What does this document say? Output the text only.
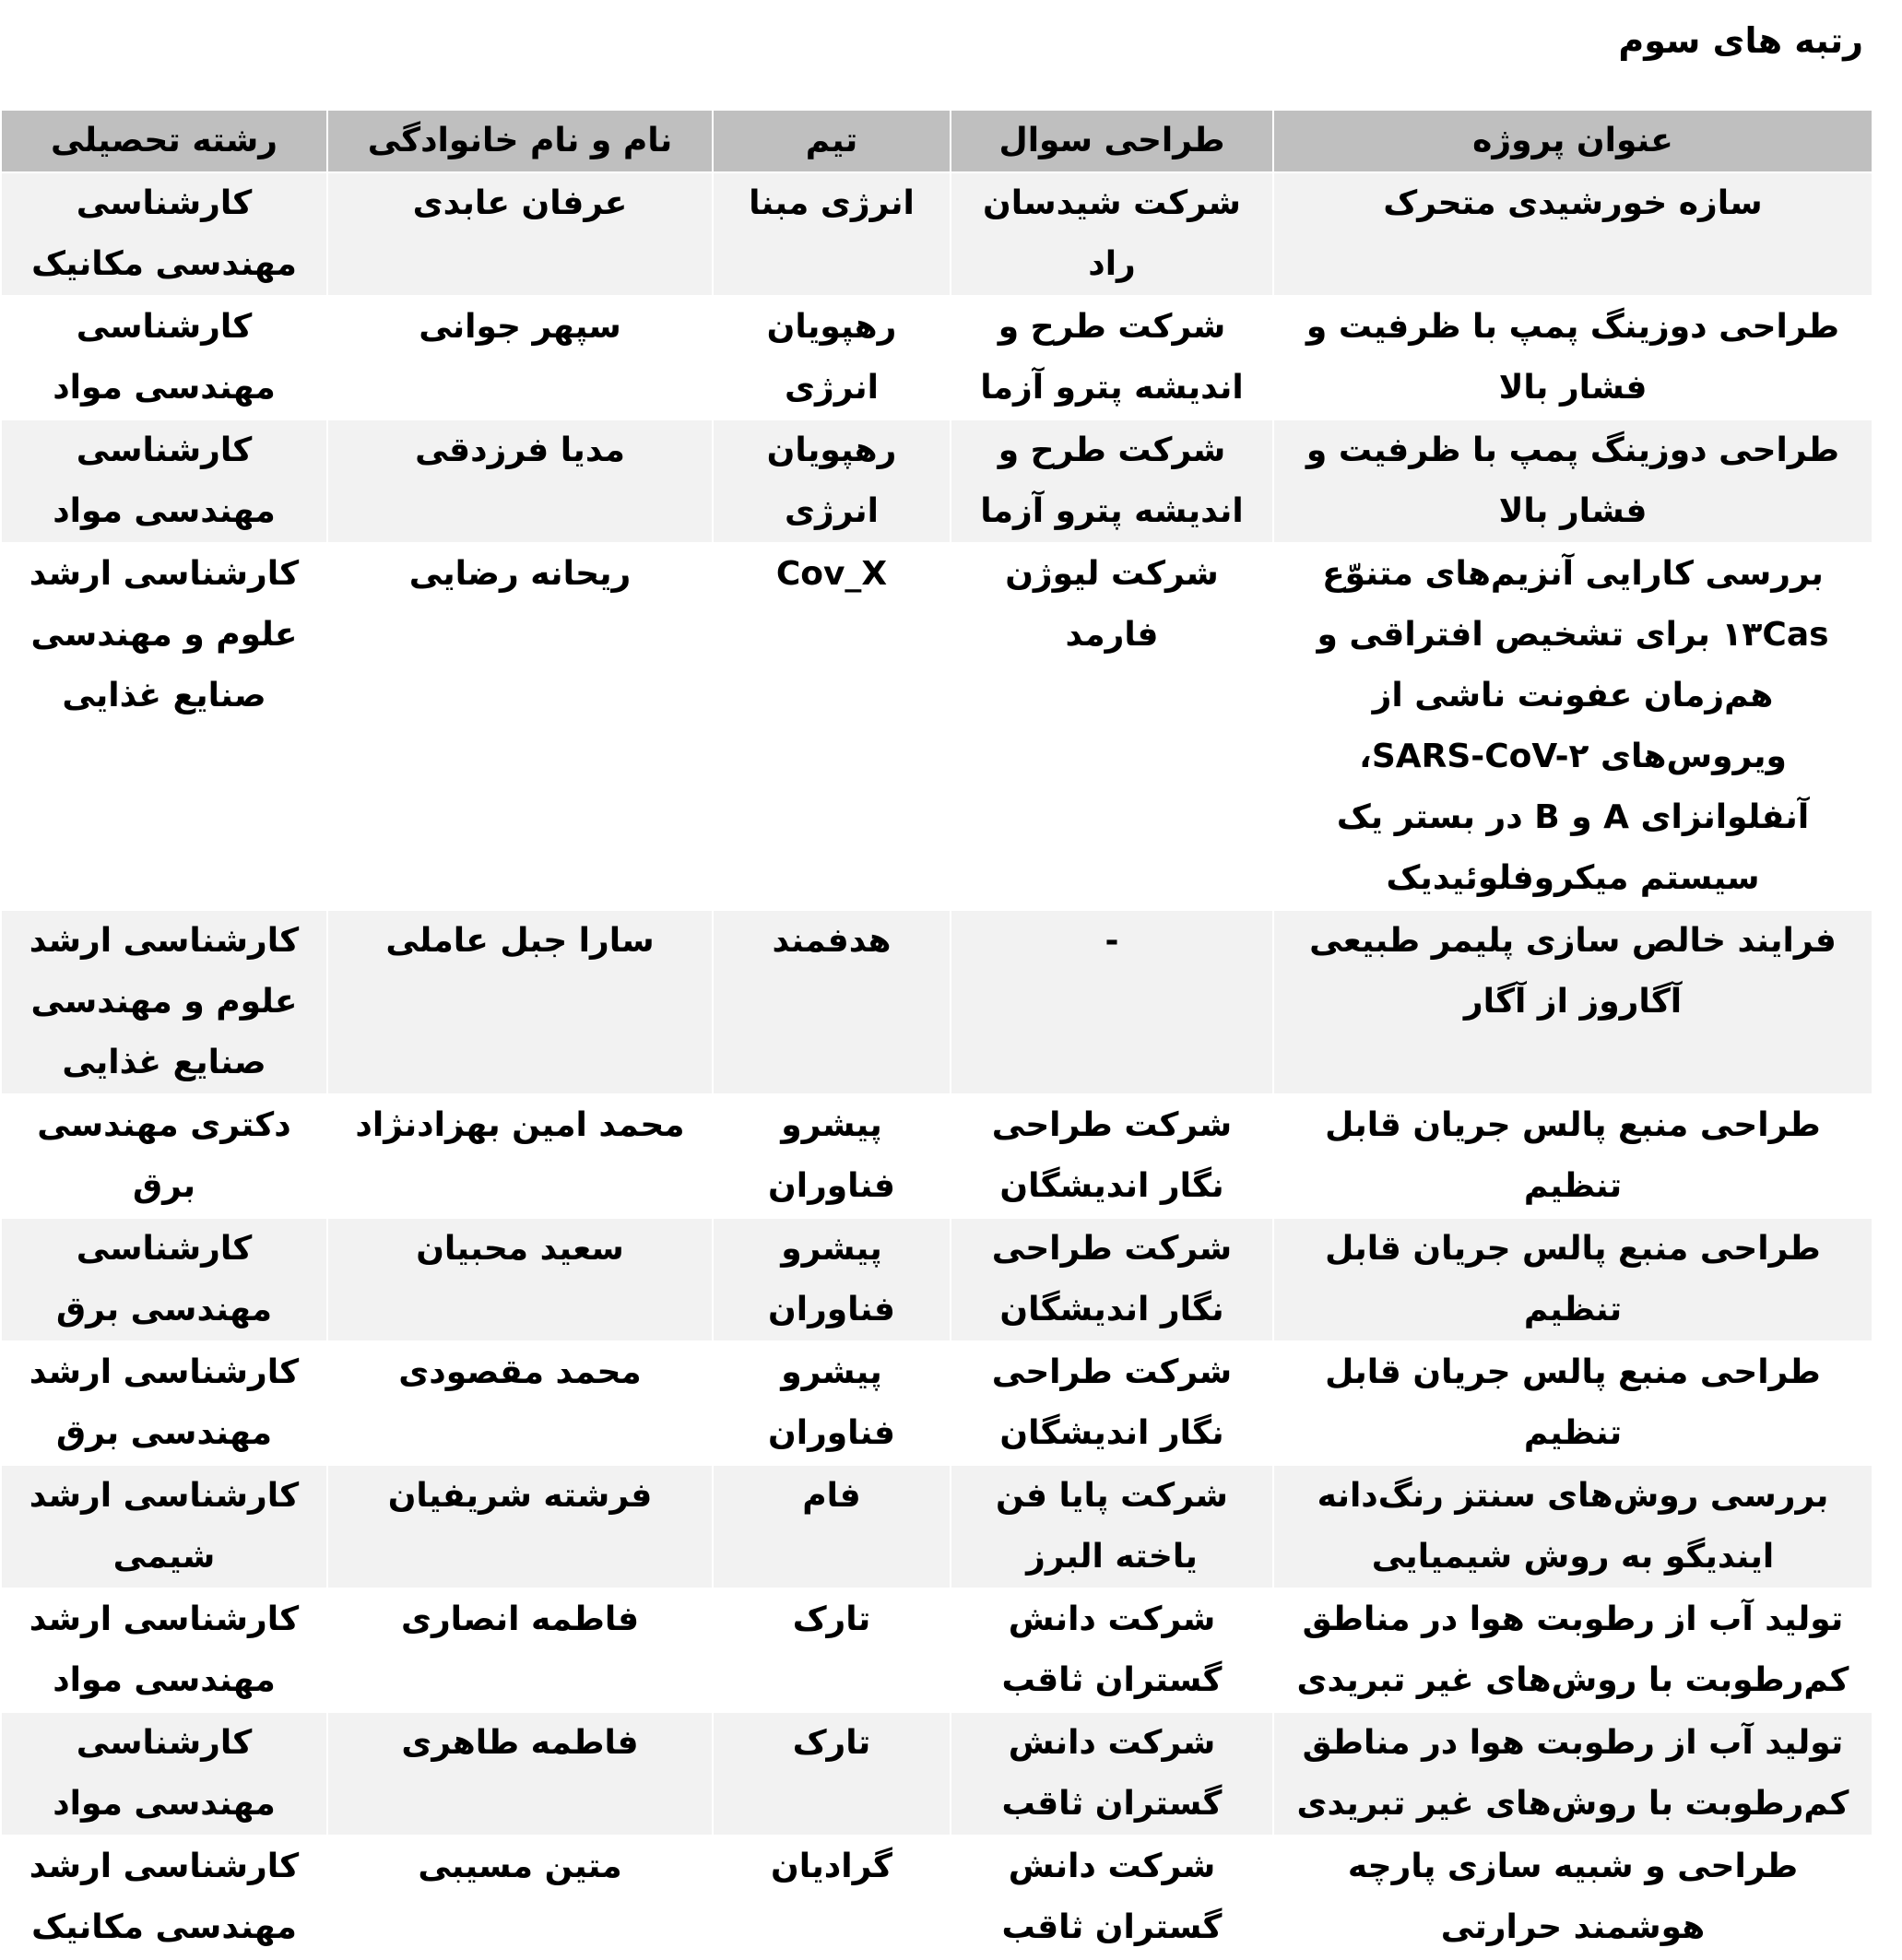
رتبه های سوم
عنوان پروژه	طراحی سوال	تیم	نام و نام خانوادگی	رشته تحصیلی
سازه خورشیدی متحرک	شرکت شیدسان راد	انرژی مبنا	عرفان عابدی	کارشناسی مهندسی مکانیک
طراحی دوزینگ پمپ با ظرفیت و فشار بالا	شرکت طرح و اندیشه پترو آزما	رهپویان انرژی	سپهر جوانی	کارشناسی مهندسی مواد
طراحی دوزینگ پمپ با ظرفیت و فشار بالا	شرکت طرح و اندیشه پترو آزما	رهپویان انرژی	مدیا فرزدقی	کارشناسی مهندسی مواد
بررسی کارایی آنزیم‌های متنوّع ۱۳Cas برای تشخیص افتراقی و هم‌زمان عفونت ناشی از ویروس‌های SARS-CoV-۲، آنفلوانزای A و B در بستر یک سیستم میکروفلوئیدیک	شرکت لیوژن فارمد	Cov_X	ریحانه رضایی	کارشناسی ارشد علوم و مهندسی صنایع غذایی
فرایند خالص سازی پلیمر طبیعی آگاروز از آگار	-	هدفمند	سارا جبل عاملی	کارشناسی ارشد علوم و مهندسی صنایع غذایی
طراحی منبع پالس جریان قابل تنظیم	شرکت طراحی نگار اندیشگان	پیشرو فناوران	محمد امین بهزادنژاد	دکتری مهندسی برق
طراحی منبع پالس جریان قابل تنظیم	شرکت طراحی نگار اندیشگان	پیشرو فناوران	سعید محبیان	کارشناسی مهندسی برق
طراحی منبع پالس جریان قابل تنظیم	شرکت طراحی نگار اندیشگان	پیشرو فناوران	محمد مقصودی	کارشناسی ارشد مهندسی برق
بررسی روش‌های سنتز رنگ‌دانه ایندیگو به روش شیمیایی	شرکت پایا فن یاخته البرز	فام	فرشته شریفیان	کارشناسی ارشد شیمی
تولید آب از رطوبت هوا در مناطق کم‌رطوبت با روش‌های غیر تبریدی	شرکت دانش گستران ثاقب	تارک	فاطمه انصاری	کارشناسی ارشد مهندسی مواد
تولید آب از رطوبت هوا در مناطق کم‌رطوبت با روش‌های غیر تبریدی	شرکت دانش گستران ثاقب	تارک	فاطمه طاهری	کارشناسی مهندسی مواد
طراحی و شبیه سازی پارچه هوشمند حرارتی	شرکت دانش گستران ثاقب	گرادیان	متین مسیبی	کارشناسی ارشد مهندسی مکانیک
